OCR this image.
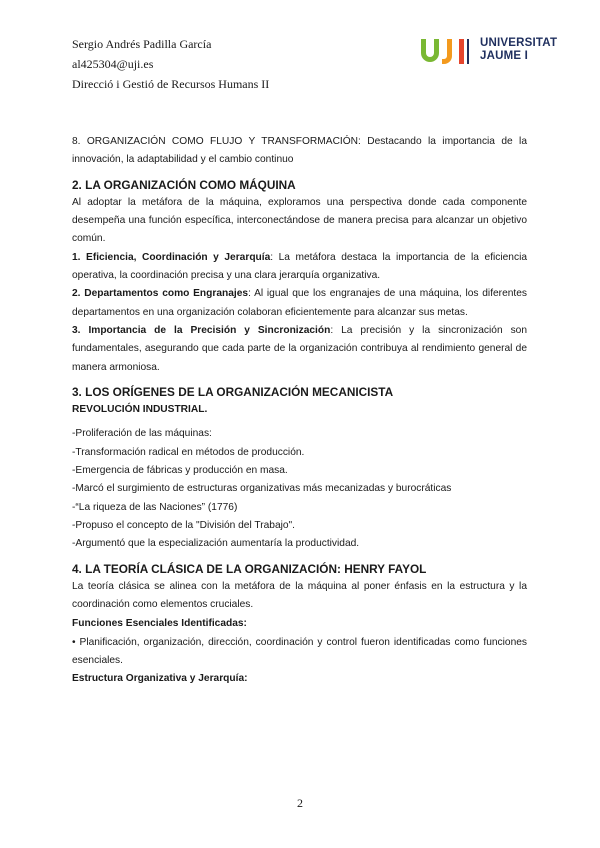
Sergio Andrés Padilla García
al425304@uji.es
Direcció i Gestió de Recursos Humans II
UNIVERSITAT
JAUME I

8. ORGANIZACIÓN COMO FLUJO Y TRANSFORMACIÓN: Destacando la importancia de la innovación, la adaptabilidad y el cambio continuo

2. LA ORGANIZACIÓN COMO MÁQUINA

Al adoptar la metáfora de la máquina, exploramos una perspectiva donde cada componente desempeña una función específica, interconectándose de manera precisa para alcanzar un objetivo común.

1. Eficiencia, Coordinación y Jerarquía: La metáfora destaca la importancia de la eficiencia operativa, la coordinación precisa y una clara jerarquía organizativa.

2. Departamentos como Engranajes: Al igual que los engranajes de una máquina, los diferentes departamentos en una organización colaboran eficientemente para alcanzar sus metas.

3. Importancia de la Precisión y Sincronización: La precisión y la sincronización son fundamentales, asegurando que cada parte de la organización contribuya al rendimiento general de manera armoniosa.

3. LOS ORÍGENES DE LA ORGANIZACIÓN MECANICISTA

REVOLUCIÓN INDUSTRIAL.

-Proliferación de las máquinas:

-Transformación radical en métodos de producción.

-Emergencia de fábricas y producción en masa.

-Marcó el surgimiento de estructuras organizativas más mecanizadas y burocráticas

-“La riqueza de las Naciones” (1776)

-Propuso el concepto de la "División del Trabajo".

-Argumentó que la especialización aumentaría la productividad.

4. LA TEORÍA CLÁSICA DE LA ORGANIZACIÓN: HENRY FAYOL

La teoría clásica se alinea con la metáfora de la máquina al poner énfasis en la estructura y la coordinación como elementos cruciales.

Funciones Esenciales Identificadas:

• Planificación, organización, dirección, coordinación y control fueron identificadas como funciones esenciales.

Estructura Organizativa y Jerarquía:

2
